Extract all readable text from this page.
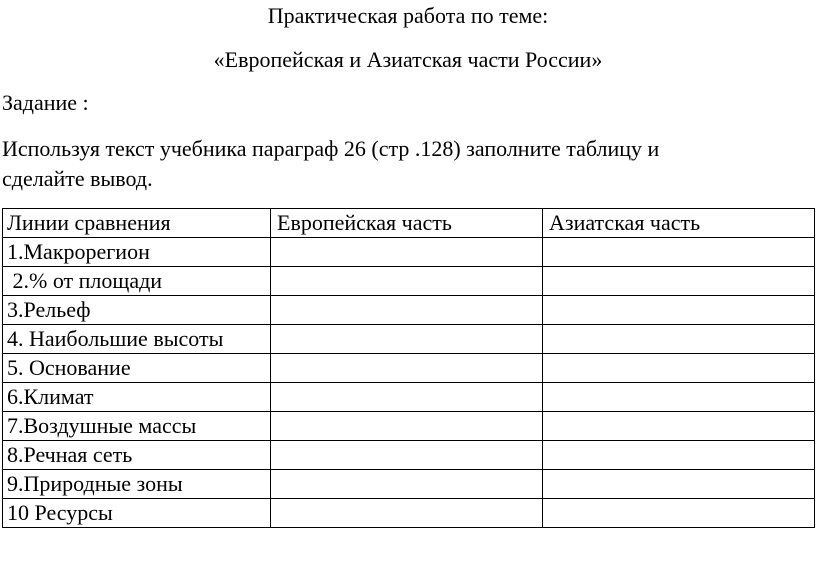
Практическая работа по теме:
«Европейская и Азиатская части России»
Задание :
Используя текст учебника параграф 26 (стр .128) заполните таблицу и
сделайте вывод.
Линии сравнения	Европейская часть	Азиатская часть
1.Макрорегион		
2.% от площади		
3.Рельеф		
4. Наибольшие высоты		
5. Основание		
6.Климат		
7.Воздушные массы		
8.Речная сеть		
9.Природные зоны		
10 Ресурсы		
